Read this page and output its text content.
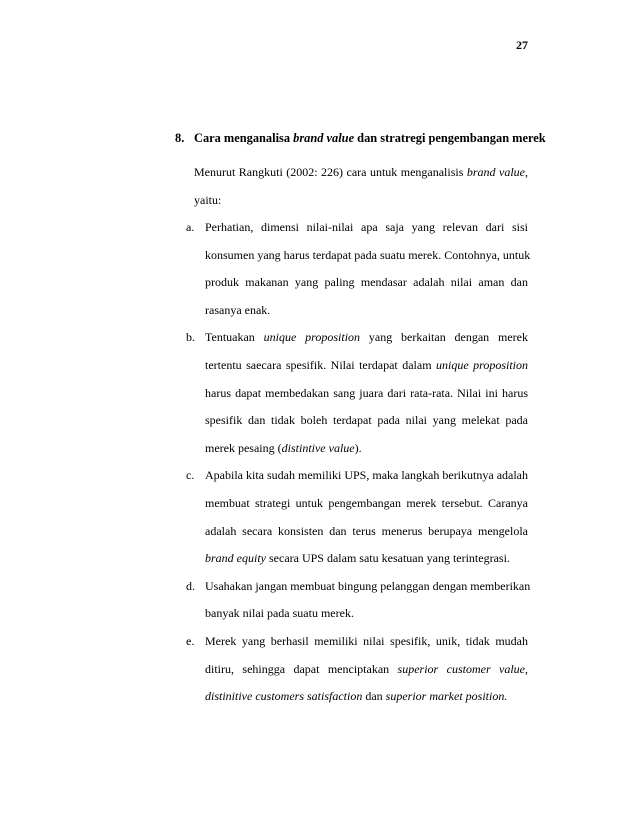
27
8. Cara menganalisa brand value dan stratregi pengembangan merek
Menurut Rangkuti (2002: 226) cara untuk menganalisis brand value,
yaitu:
a. Perhatian, dimensi nilai-nilai apa saja yang relevan dari sisi
konsumen yang harus terdapat pada suatu merek. Contohnya, untuk
produk makanan yang paling mendasar adalah nilai aman dan
rasanya enak.
b. Tentuakan unique proposition yang berkaitan dengan merek
tertentu saecara spesifik. Nilai terdapat dalam unique proposition
harus dapat membedakan sang juara dari rata-rata. Nilai ini harus
spesifik dan tidak boleh terdapat pada nilai yang melekat pada
merek pesaing (distintive value).
c. Apabila kita sudah memiliki UPS, maka langkah berikutnya adalah
membuat strategi untuk pengembangan merek tersebut. Caranya
adalah secara konsisten dan terus menerus berupaya mengelola
brand equity secara UPS dalam satu kesatuan yang terintegrasi.
d. Usahakan jangan membuat bingung pelanggan dengan memberikan
banyak nilai pada suatu merek.
e. Merek yang berhasil memiliki nilai spesifik, unik, tidak mudah
ditiru, sehingga dapat menciptakan superior customer value,
distinitive customers satisfaction dan superior market position.
